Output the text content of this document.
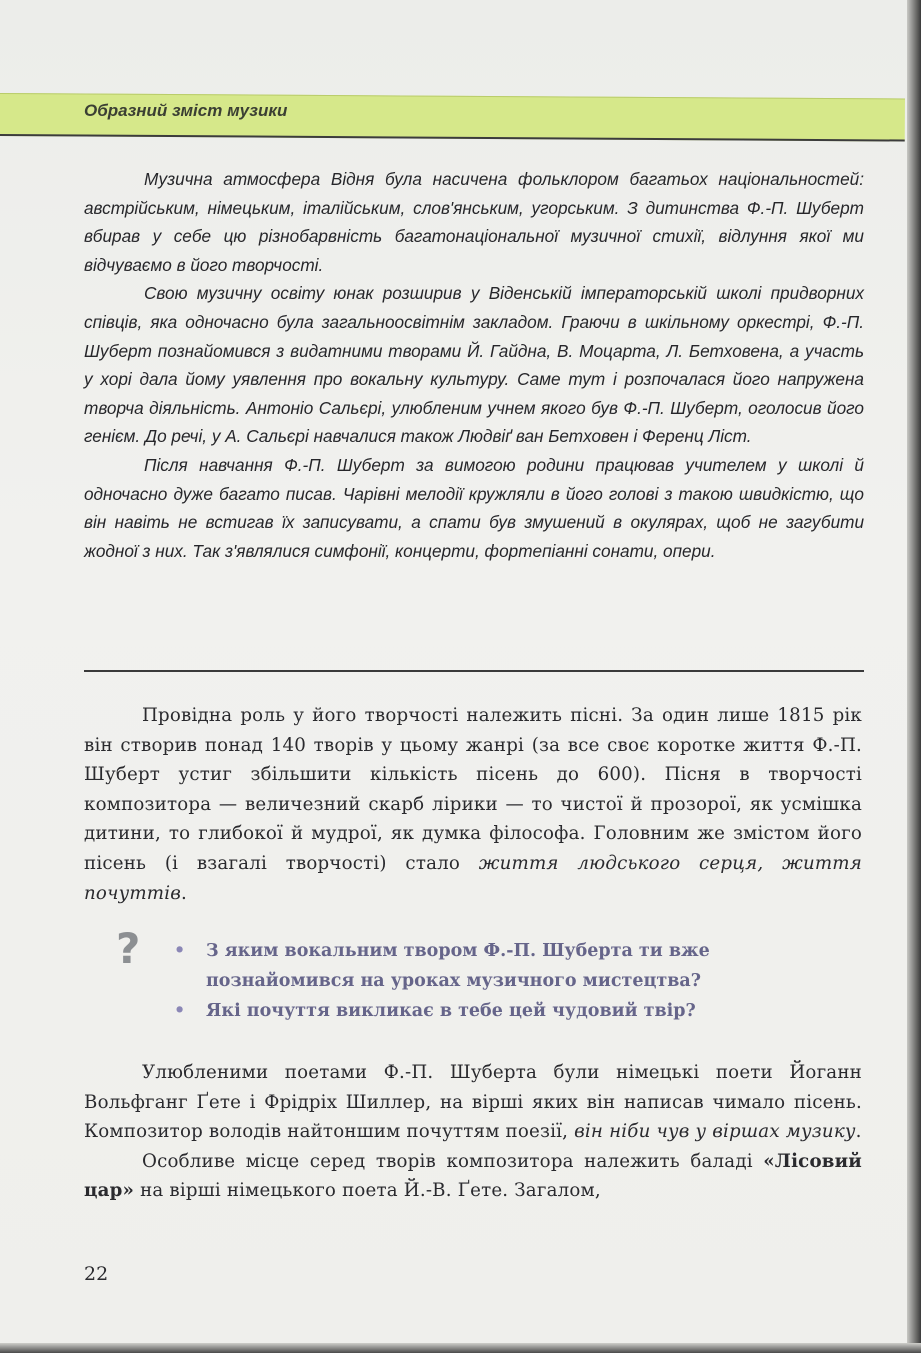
Образний зміст музики

Музична атмосфера Відня була насичена фольклором багатьох національностей: австрійським, німецьким, італійським, слов'янським, угорським. З дитинства Ф.-П. Шуберт вбирав у себе цю різнобарвність багатонаціональної музичної стихії, відлуння якої ми відчуваємо в його творчості.

Свою музичну освіту юнак розширив у Віденській імператорській школі придворних співців, яка одночасно була загальноосвітнім закладом. Граючи в шкільному оркестрі, Ф.-П. Шуберт познайомився з видатними творами Й. Гайдна, В. Моцарта, Л. Бетховена, а участь у хорі дала йому уявлення про вокальну культуру. Саме тут і розпочалася його напружена творча діяльність. Антоніо Сальєрі, улюбленим учнем якого був Ф.-П. Шуберт, оголосив його генієм. До речі, у А. Сальєрі навчалися також Людвіґ ван Бетховен і Ференц Ліст.

Після навчання Ф.-П. Шуберт за вимогою родини працював учителем у школі й одночасно дуже багато писав. Чарівні мелодії кружляли в його голові з такою швидкістю, що він навіть не встигав їх записувати, а спати був змушений в окулярах, щоб не загубити жодної з них. Так з'являлися симфонії, концерти, фортепіанні сонати, опери.

Провідна роль у його творчості належить пісні. За один лише 1815 рік він створив понад 140 творів у цьому жанрі (за все своє коротке життя Ф.-П. Шуберт устиг збільшити кількість пісень до 600). Пісня в творчості композитора — величезний скарб лірики — то чистої й прозорої, як усмішка дитини, то глибокої й мудрої, як думка філософа. Головним же змістом його пісень (і взагалі творчості) стало життя людського серця, життя почуттів.

? • З яким вокальним твором Ф.-П. Шуберта ти вже познайомився на уроках музичного мистецтва?
• Які почуття викликає в тебе цей чудовий твір?

Улюбленими поетами Ф.-П. Шуберта були німецькі поети Йоганн Вольфганг Ґете і Фрідріх Шиллер, на вірші яких він написав чимало пісень. Композитор володів найтоншим почуттям поезії, він ніби чув у віршах музику.

Особливе місце серед творів композитора належить баладі «Лісовий цар» на вірші німецького поета Й.-В. Ґете. Загалом,

22
